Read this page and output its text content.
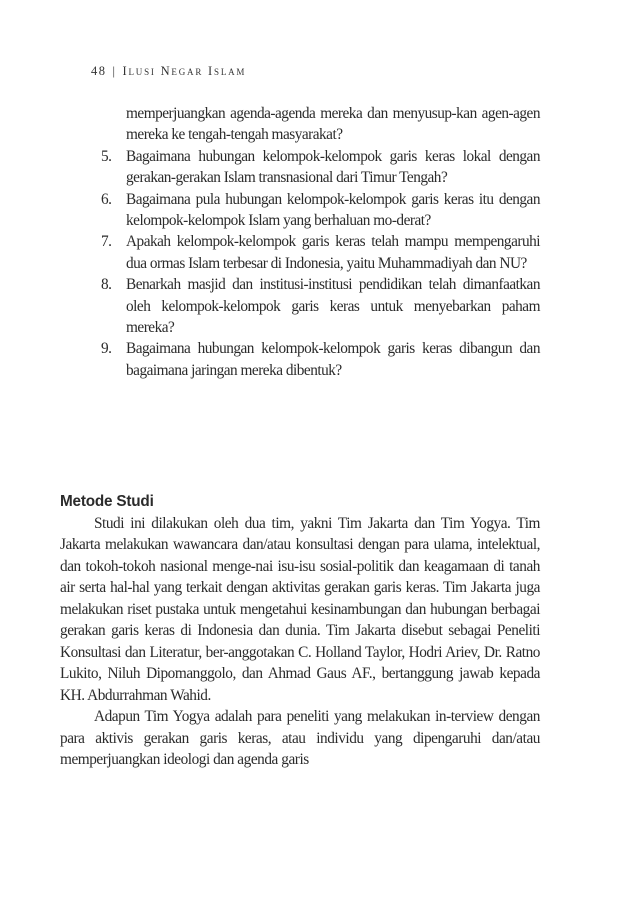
48 | Ilusi Negar Islam
memperjuangkan agenda-agenda mereka dan menyusup-kan agen-agen mereka ke tengah-tengah masyarakat?
5. Bagaimana hubungan kelompok-kelompok garis keras lokal dengan gerakan-gerakan Islam transnasional dari Timur Tengah?
6. Bagaimana pula hubungan kelompok-kelompok garis keras itu dengan kelompok-kelompok Islam yang berhaluan mo-derat?
7. Apakah kelompok-kelompok garis keras telah mampu mempengaruhi dua ormas Islam terbesar di Indonesia, yaitu Muhammadiyah dan NU?
8. Benarkah masjid dan institusi-institusi pendidikan telah dimanfaatkan oleh kelompok-kelompok garis keras untuk menyebarkan paham mereka?
9. Bagaimana hubungan kelompok-kelompok garis keras dibangun dan bagaimana jaringan mereka dibentuk?
Metode Studi

Studi ini dilakukan oleh dua tim, yakni Tim Jakarta dan Tim Yogya. Tim Jakarta melakukan wawancara dan/atau konsultasi dengan para ulama, intelektual, dan tokoh-tokoh nasional menge-nai isu-isu sosial-politik dan keagamaan di tanah air serta hal-hal yang terkait dengan aktivitas gerakan garis keras. Tim Jakarta juga melakukan riset pustaka untuk mengetahui kesinambungan dan hubungan berbagai gerakan garis keras di Indonesia dan dunia. Tim Jakarta disebut sebagai Peneliti Konsultasi dan Literatur, ber-anggotakan C. Holland Taylor, Hodri Ariev, Dr. Ratno Lukito, Niluh Dipomanggolo, dan Ahmad Gaus AF., bertanggung jawab kepada KH. Abdurrahman Wahid.

Adapun Tim Yogya adalah para peneliti yang melakukan in-terview dengan para aktivis gerakan garis keras, atau individu yang dipengaruhi dan/atau memperjuangkan ideologi dan agenda garis
